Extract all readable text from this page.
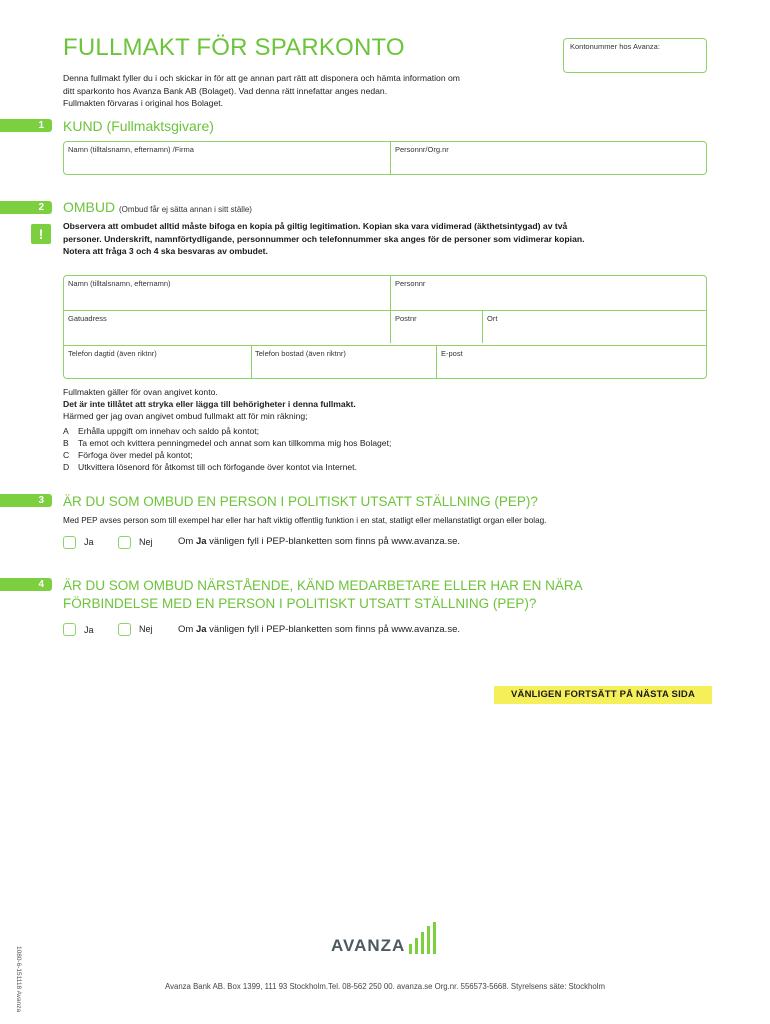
FULLMAKT FÖR SPARKONTO	Kontonummer hos Avanza:
Denna fullmakt fyller du i och skickar in för att ge annan part rätt att disponera och hämta information om
ditt sparkonto hos Avanza Bank AB (Bolaget). Vad denna rätt innefattar anges nedan.
Fullmakten förvaras i original hos Bolaget.
1	KUND (Fullmaktsgivare)
Namn (tilltalsnamn, efternamn) /Firma	Personnr/Org.nr
2	OMBUD (Ombud får ej sätta annan i sitt ställe)
!	Observera att ombudet alltid måste bifoga en kopia på giltig legitimation. Kopian ska vara vidimerad (äkthetsintygad) av två
personer. Underskrift, namnförtydligande, personnummer och telefonnummer ska anges för de personer som vidimerar kopian.
Notera att fråga 3 och 4 ska besvaras av ombudet.
Namn (tilltalsnamn, efternamn)	Personnr
Gatuadress	Postnr	Ort
Telefon dagtid (även riktnr)	Telefon bostad (även riktnr)	E-post
Fullmakten gäller för ovan angivet konto.
Det är inte tillåtet att stryka eller lägga till behörigheter i denna fullmakt.
Härmed ger jag ovan angivet ombud fullmakt att för min räkning;
A Erhålla uppgift om innehav och saldo på kontot;
B Ta emot och kvittera penningmedel och annat som kan tillkomma mig hos Bolaget;
C Förfoga över medel på kontot;
D Utkvittera lösenord för åtkomst till och förfogande över kontot via Internet.
3	ÄR DU SOM OMBUD EN PERSON I POLITISKT UTSATT STÄLLNING (PEP)?
Med PEP avses person som till exempel har eller har haft viktig offentlig funktion i en stat, statligt eller mellanstatligt organ eller bolag.
Ja	Nej	Om Ja vänligen fyll i PEP-blanketten som finns på www.avanza.se.
4	ÄR DU SOM OMBUD NÄRSTÅENDE, KÄND MEDARBETARE ELLER HAR EN NÄRA
FÖRBINDELSE MED EN PERSON I POLITISKT UTSATT STÄLLNING (PEP)?
Ja	Nej	Om Ja vänligen fyll i PEP-blanketten som finns på www.avanza.se.
VÄNLIGEN FORTSÄTT PÅ NÄSTA SIDA
AVANZA
Avanza Bank AB. Box 1399, 111 93 Stockholm.Tel. 08-562 250 00. avanza.se Org.nr. 556573-5668. Styrelsens säte: Stockholm
1080-6-151118 Avanza
